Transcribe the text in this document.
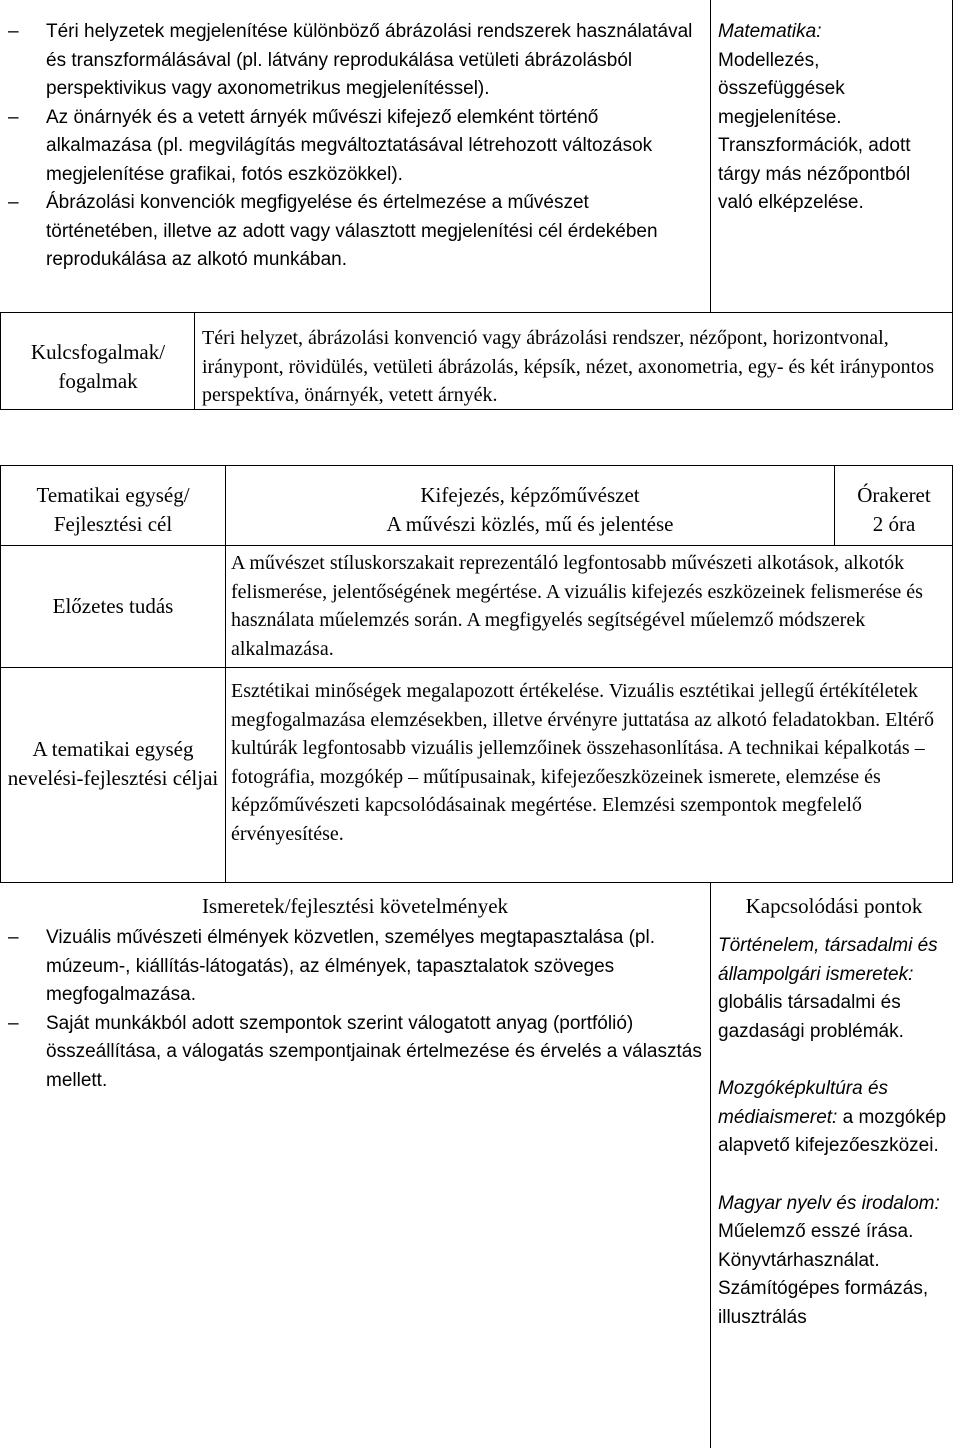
– Téri helyzetek megjelenítése különböző ábrázolási rendszerek használatával és transzformálásával (pl. látvány reprodukálása vetületi ábrázolásból perspektivikus vagy axonometrikus megjelenítéssel).
– Az önárnyék és a vetett árnyék művészi kifejező elemként történő alkalmazása (pl. megvilágítás megváltoztatásával létrehozott változások megjelenítése grafikai, fotós eszközökkel).
– Ábrázolási konvenciók megfigyelése és értelmezése a művészet történetében, illetve az adott vagy választott megjelenítési cél érdekében reprodukálása az alkotó munkában.
Matematika:
Modellezés, összefüggések megjelenítése. Transzformációk, adott tárgy más nézőpontból való elképzelése.
Kulcsfogalmak/ fogalmak
Téri helyzet, ábrázolási konvenció vagy ábrázolási rendszer, nézőpont, horizontvonal, iránypont, rövidülés, vetületi ábrázolás, képsík, nézet, axonometria, egy- és két iránypontos perspektíva, önárnyék, vetett árnyék.
Tematikai egység/ Fejlesztési cél
Kifejezés, képzőművészet
A művészi közlés, mű és jelentése
Órakeret
2 óra
Előzetes tudás
A művészet stíluskorszakait reprezentáló legfontosabb művészeti alkotások, alkotók felismerése, jelentőségének megértése. A vizuális kifejezés eszközeinek felismerése és használata műelemzés során. A megfigyelés segítségével műelemző módszerek alkalmazása.
A tematikai egység nevelési-fejlesztési céljai
Esztétikai minőségek megalapozott értékelése. Vizuális esztétikai jellegű értékítéletek megfogalmazása elemzésekben, illetve érvényre juttatása az alkotó feladatokban. Eltérő kultúrák legfontosabb vizuális jellemzőinek összehasonlítása. A technikai képalkotás – fotográfia, mozgókép – műtípusainak, kifejezőeszközeinek ismerete, elemzése és képzőművészeti kapcsolódásainak megértése. Elemzési szempontok megfelelő érvényesítése.
Ismeretek/fejlesztési követelmények	Kapcsolódási pontok
– Vizuális művészeti élmények közvetlen, személyes megtapasztalása (pl. múzeum-, kiállítás-látogatás), az élmények, tapasztalatok szöveges megfogalmazása.
– Saját munkákból adott szempontok szerint válogatott anyag (portfólió) összeállítása, a válogatás szempontjainak értelmezése és érvelés a választás mellett.

Történelem, társadalmi és állampolgári ismeretek: globális társadalmi és gazdasági problémák.

Mozgóképkultúra és médiaismeret: a mozgókép alapvető kifejezőeszközei.

Magyar nyelv és irodalom: Műelemző esszé írása. Könyvtárhasználat. Számítógépes formázás, illusztrálás
